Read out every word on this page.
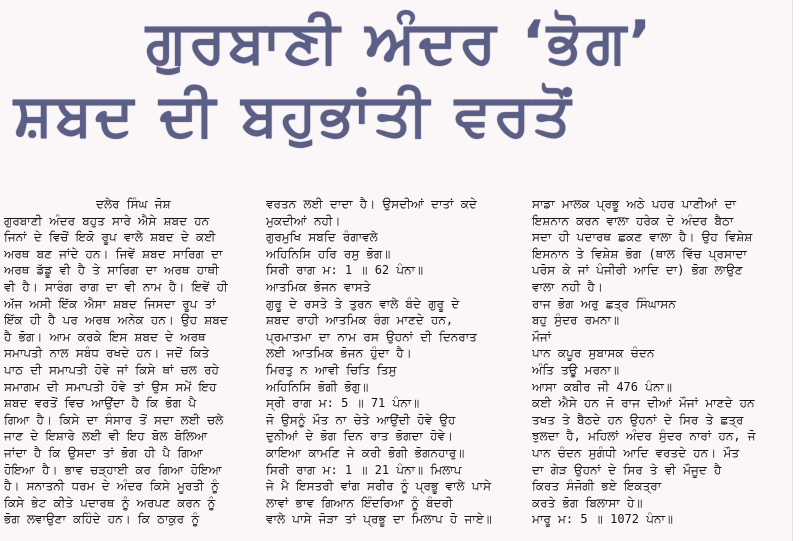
ਗੁਰਬਾਣੀ ਅੰਦਰ ‘ਭੋਗ’
ਸ਼ਬਦ ਦੀ ਬਹੁਭਾਂਤੀ ਵਰਤੋਂ
ਦਲੇਰ ਸਿੰਘ ਜੋਸ਼
ਗੁਰਬਾਣੀ ਅੰਦਰ ਬਹੁਤ ਸਾਰੇ ਐਸੇ ਸ਼ਬਦ ਹਨ
ਜਿਨਾਂ ਦੇ ਵਿਚੋਂ ਇਕੋ ਰੂਪ ਵਾਲੇ ਸ਼ਬਦ ਦੇ ਕਈ
ਅਰਥ ਬਣ ਜਾਂਦੇ ਹਨ। ਜਿਵੇਂ ਸ਼ਬਦ ਸਾਰਿਗ ਦਾ
ਅਰਥ ਡੱਡੂ ਵੀ ਹੈ ਤੇ ਸਾਰਿਗ ਦਾ ਅਰਥ ਹਾਥੀ
ਵੀ ਹੈ। ਸਾਰੰਗ ਰਾਗ ਦਾ ਵੀ ਨਾਮ ਹੈ। ਇਵੇਂ ਹੀ
ਅੱਜ ਅਸੀ ਇੱਕ ਐਸਾ ਸ਼ਬਦ ਜਿਸਦਾ ਰੂਪ ਤਾਂ
ਇੱਕ ਹੀ ਹੈ ਪਰ ਅਰਥ ਅਨੇਕ ਹਨ। ਉਹ ਸ਼ਬਦ
ਹੈ ਭੋਗ। ਆਮ ਕਰਕੇ ਇਸ ਸ਼ਬਦ ਦੇ ਅਰਥ
ਸਮਾਪਤੀ ਨਾਲ ਸਬੰਧ ਰਖਦੇ ਹਨ। ਜਦੋਂ ਕਿਤੇ
ਪਾਠ ਦੀ ਸਮਾਪਤੀ ਹੋਵੇ ਜਾਂ ਕਿਸੇ ਥਾਂ ਚਲ ਰਹੇ
ਸਮਾਗਮ ਦੀ ਸਮਾਪਤੀ ਹੋਵੇ ਤਾਂ ਉਸ ਸਮੇਂ ਇਹ
ਸ਼ਬਦ ਵਰਤੋਂ ਵਿਚ ਆਉਂਦਾ ਹੈ ਕਿ ਭੋਗ ਪੈ
ਗਿਆ ਹੈ। ਕਿਸੇ ਦਾ ਸੰਸਾਰ ਤੋਂ ਸਦਾ ਲਈ ਚਲੇ
ਜਾਣ ਦੇ ਇਸ਼ਾਰੇ ਲਈ ਵੀ ਇਹ ਬੋਲ ਬੋਲਿਆ
ਜਾਂਦਾ ਹੈ ਕਿ ਉਸਦਾ ਤਾਂ ਭੋਗ ਹੀ ਪੈ ਗਿਆ
ਹੋਇਆ ਹੈ। ਭਾਵ ਚੜ੍ਹਾਈ ਕਰ ਗਿਆ ਹੋਇਆ
ਹੈ। ਸਨਾਤਨੀ ਧਰਮ ਦੇ ਅੰਦਰ ਕਿਸੇ ਮੂਰਤੀ ਨੂੰ
ਕਿਸੇ ਭੇਟ ਕੀਤੇ ਪਦਾਰਥ ਨੂੰ ਅਰਪਣ ਕਰਨ ਨੂੰ
ਭੋਗ ਲਵਾਉਣਾ ਕਹਿੰਦੇ ਹਨ। ਕਿ ਠਾਕੁਰ ਨੂੰ
ਵਰਤਨ ਲਈ ਦਾਦਾ ਹੈ। ਉਸਦੀਆਂ ਦਾਤਾਂ ਕਦੇ
ਮੁਕਦੀਆਂ ਨਹੀ।
ਗੁਰਮੁਖਿ ਸਬਦਿ ਰੰਗਾਵਲੇ
ਅਹਿਨਿਸਿ ਹਰਿ ਰਸੁ ਭੋਗ॥
ਸਿਰੀ ਰਾਗ ਮ: 1 ॥ 62 ਪੰਨਾ॥
ਆਤਮਿਕ ਭੋਜਨ ਵਾਸਤੇ
ਗੁਰੂ ਦੇ ਰਸਤੇ ਤੇ ਤੁਰਨ ਵਾਲੇ ਬੰਦੇ ਗੁਰੂ ਦੇ
ਸ਼ਬਦ ਰਾਹੀ ਆਤਮਿਕ ਰੰਗ ਮਾਣਦੇ ਹਨ,
ਪ੍ਰਮਾਤਮਾ ਦਾ ਨਾਮ ਰਸ ਉਹਨਾਂ ਦੀ ਦਿਨਰਾਤ
ਲਈ ਆਤਮਿਕ ਭੋਜਨ ਹੁੰਦਾ ਹੈ।
ਮਿਰਤੁ ਨ ਆਵੀ ਚਿਤਿ ਤਿਸੁ
ਅਹਿਨਿਸਿ ਭੋਗੀ ਭੋਗੁ॥
ਸ੍ਰੀ ਰਾਗ ਮ: 5 ॥ 71 ਪੰਨਾ॥
ਜੋ ਉਸਨੂੰ ਮੌਤ ਨਾ ਚੇਤੇ ਆਉਂਦੀ ਹੋਵੇ ਉਹ
ਦੁਨੀਆਂ ਦੇ ਭੋਗ ਦਿਨ ਰਾਤ ਭੋਗਦਾ ਹੋਵੇ।
ਕਾਇਆ ਕਾਮਣਿ ਜੇ ਕਰੀ ਭੋਗੀ ਭੋਗਨਹਾਰੁ॥
ਸਿਰੀ ਰਾਗ ਮ: 1 ॥ 21 ਪੰਨਾ॥ ਮਿਲਾਪ
ਜੇ ਮੈ ਇਸਤਰੀ ਵਾਂਗ ਸਰੀਰ ਨੂੰ ਪ੍ਰਭੂ ਵਾਲੇ ਪਾਸੇ
ਲਾਵਾਂ ਭਾਵ ਗਿਆਨ ਇੰਦਰਿਆ ਨੂੰ ਬੰਦਰੀ
ਵਾਲੇ ਪਾਸੇ ਜੋੜਾ ਤਾਂ ਪ੍ਰਭੂ ਦਾ ਮਿਲਾਪ ਹੋ ਜਾਏ॥
ਸਾਡਾ ਮਾਲਕ ਪ੍ਰਭੂ ਅਠੇ ਪਹਰ ਪਾਣੀਆਂ ਦਾ
ਇਸ਼ਨਾਨ ਕਰਨ ਵਾਲਾ ਹਰੇਕ ਦੇ ਅੰਦਰ ਬੈਠਾ
ਸਦਾ ਹੀ ਪਦਾਰਥ ਛਕਣ ਵਾਲਾ ਹੈ। ਉਹ ਵਿਸ਼ੇਸ਼
ਇਸਨਾਨ ਤੇ ਵਿਸ਼ੇਸ਼ ਭੋਗ (ਥਾਲ ਵਿੱਚ ਪ੍ਰਸਾਦਾ
ਪਰੋਸ ਕੇ ਜਾਂ ਪੰਜੀਰੀ ਆਦਿ ਦਾ) ਭੋਗ ਲਾਉਣ
ਵਾਲਾ ਨਹੀ ਹੈ।
ਰਾਜ ਭੋਗ ਅਰੁ ਛਤ੍ਰ ਸਿੰਘਾਸਨ
ਬਹੁ ਸੁੰਦਰ ਰਮਨਾ॥
ਮੌਜਾਂ
ਪਾਨ ਕਪੂਰ ਸੁਬਾਸਕ ਚੰਦਨ
ਅੰਤਿ ਤਊ ਮਰਨਾ॥
ਆਸਾ ਕਬੀਰ ਜੀ 476 ਪੰਨਾ॥
ਕਈ ਐਸੇ ਹਨ ਜੋ ਰਾਜ ਦੀਆਂ ਮੌਜਾਂ ਮਾਣਦੇ ਹਨ
ਤਖਤ ਤੇ ਬੈਠਦੇ ਹਨ ਉਹਨਾਂ ਦੇ ਸਿਰ ਤੇ ਛਤ੍ਰ
ਝੁਲਦਾ ਹੈ, ਮਹਿਲਾਂ ਅੰਦਰ ਸੁੰਦਰ ਨਾਰਾਂ ਹਨ, ਜੋ
ਪਾਨ ਚੰਦਨ ਸੁਗੰਧੀ ਆਦਿ ਵਰਤਦੇ ਹਨ। ਮੌਤ
ਦਾ ਗੇੜ ਉਹਨਾਂ ਦੇ ਸਿਰ ਤੇ ਵੀ ਮੌਜੂਦ ਹੈ
ਕਿਰਤ ਸੰਜੋਗੀ ਭਏ ਇਕਤ੍ਰਾ
ਕਰਤੇ ਭੋਗ ਬਿਲਾਸਾ ਹੇ॥
ਮਾਰੂ ਮ: 5 ॥ 1072 ਪੰਨਾ॥
